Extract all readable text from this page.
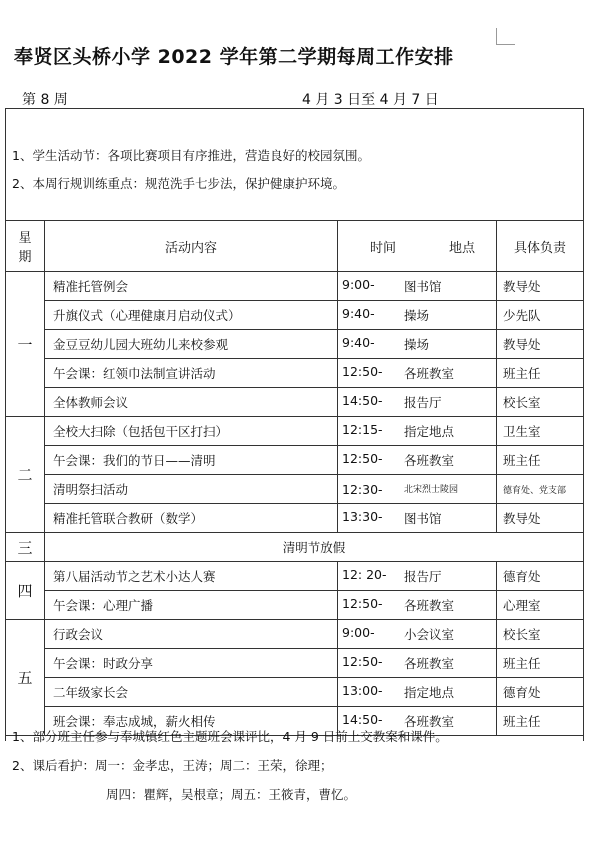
奉贤区头桥小学 2022 学年第二学期每周工作安排
第 8 周	4 月 3 日至 4 月 7 日
1、学生活动节：各项比赛项目有序推进，营造良好的校园氛围。
2、本周行规训练重点：规范洗手七步法，保护健康护环境。
星
期	活动内容	时间 地点	具体负责
一	精准托管例会	9:00- 图书馆	教导处
	升旗仪式（心理健康月启动仪式）	9:40- 操场	少先队
	金豆豆幼儿园大班幼儿来校参观	9:40- 操场	教导处
	午会课：红领巾法制宣讲活动	12:50- 各班教室	班主任
	全体教师会议	14:50- 报告厅	校长室
二	全校大扫除（包括包干区打扫）	12:15- 指定地点	卫生室
	午会课：我们的节日——清明	12:50- 各班教室	班主任
	清明祭扫活动	12:30- 北宋烈士陵园	德育处、党支部
	精准托管联合教研（数学）	13:30- 图书馆	教导处
三	清明节放假		
四	第八届活动节之艺术小达人赛	12: 20- 报告厅	德育处
	午会课：心理广播	12:50- 各班教室	心理室
五	行政会议	9:00- 小会议室	校长室
	午会课：时政分享	12:50- 各班教室	班主任
	二年级家长会	13:00- 指定地点	德育处
	班会课：奉志成城，薪火相传	14:50- 各班教室	班主任
1、部分班主任参与奉城镇红色主题班会课评比，4 月 9 日前上交教案和课件。
2、课后看护：周一：金孝忠，王涛；周二：王荣，徐理；
周四：瞿辉，吴根章；周五：王筱青，曹忆。
